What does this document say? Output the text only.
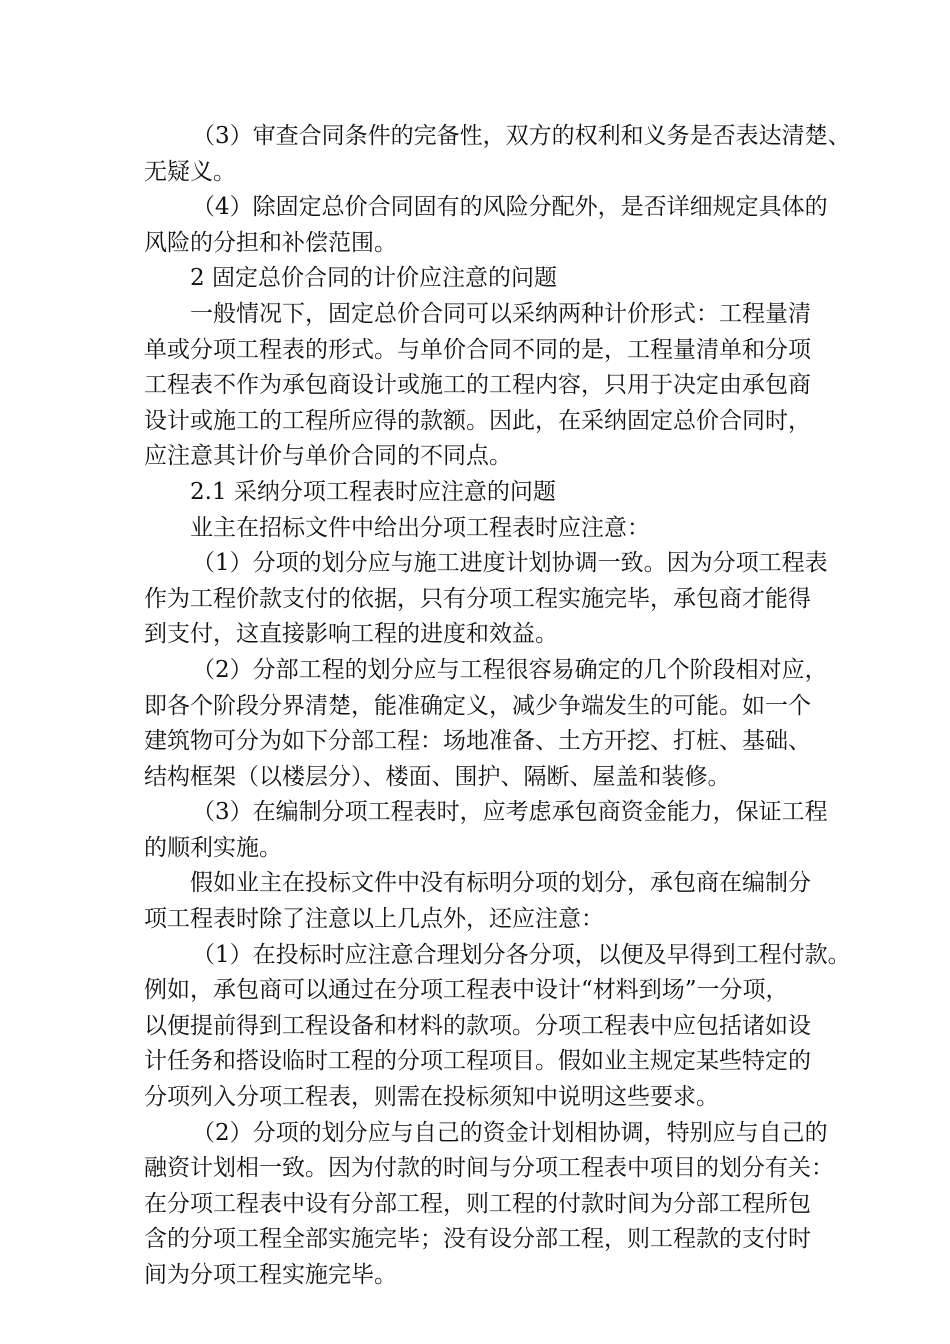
（3）审查合同条件的完备性，双方的权利和义务是否表达清楚、
无疑义。
（4）除固定总价合同固有的风险分配外，是否详细规定具体的
风险的分担和补偿范围。
2 固定总价合同的计价应注意的问题
一般情况下，固定总价合同可以采纳两种计价形式：工程量清
单或分项工程表的形式。与单价合同不同的是，工程量清单和分项
工程表不作为承包商设计或施工的工程内容，只用于决定由承包商
设计或施工的工程所应得的款额。因此，在采纳固定总价合同时，
应注意其计价与单价合同的不同点。
2.1 采纳分项工程表时应注意的问题
业主在招标文件中给出分项工程表时应注意：
（1）分项的划分应与施工进度计划协调一致。因为分项工程表
作为工程价款支付的依据，只有分项工程实施完毕，承包商才能得
到支付，这直接影响工程的进度和效益。
（2）分部工程的划分应与工程很容易确定的几个阶段相对应，
即各个阶段分界清楚，能准确定义，减少争端发生的可能。如一个
建筑物可分为如下分部工程：场地准备、土方开挖、打桩、基础、
结构框架（以楼层分）、楼面、围护、隔断、屋盖和装修。
（3）在编制分项工程表时，应考虑承包商资金能力，保证工程
的顺利实施。
假如业主在投标文件中没有标明分项的划分，承包商在编制分
项工程表时除了注意以上几点外，还应注意：
（1）在投标时应注意合理划分各分项，以便及早得到工程付款。
例如，承包商可以通过在分项工程表中设计“材料到场”一分项，
以便提前得到工程设备和材料的款项。分项工程表中应包括诸如设
计任务和搭设临时工程的分项工程项目。假如业主规定某些特定的
分项列入分项工程表，则需在投标须知中说明这些要求。
（2）分项的划分应与自己的资金计划相协调，特别应与自己的
融资计划相一致。因为付款的时间与分项工程表中项目的划分有关：
在分项工程表中设有分部工程，则工程的付款时间为分部工程所包
含的分项工程全部实施完毕；没有设分部工程，则工程款的支付时
间为分项工程实施完毕。
